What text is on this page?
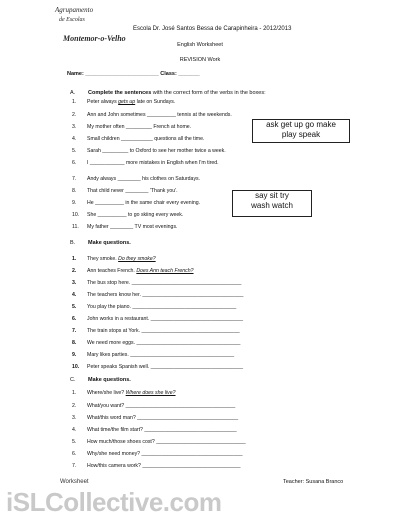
Agrupamento
de Escolas
Montemor-o-Velho
Escola Dr. José Santos Bessa de Carapinheira - 2012/2013
English Worksheet
REVISION Work
Name: ________________________ Class: _______
A. Complete the sentences with the correct form of the verbs in the boxes:
ask get up go make
play speak
say sit try
wash watch
1. Peter always gets up late on Sundays.
2. Ann and John sometimes __________ tennis at the weekends.
3. My mother often _________ French at home.
4. Small children ___________ questions all the time.
5. Sarah _________ to Oxford to see her mother twice a week.
6. I ____________ more mistakes in English when I'm tired.
7. Andy always ________ his clothes on Saturdays.
8. That child never ________ 'Thank you'.
9. He __________ in the same chair every evening.
10. She __________ to go skiing every week.
11. My father ________ TV most evenings.
B. Make questions.
1. They smoke. Do they smoke?
2. Ann teaches French. Does Ann teach French?
3. The bus stop here. ______________________________________
4. The teachers know her. ___________________________________
5. You play the piano. ____________________________________
6. John works in a restaurant. ________________________________
7. The train stops at York. __________________________________
8. We need more eggs. ____________________________________
9. Mary likes parties. ____________________________________
10. Peter speaks Spanish well. ________________________________
C. Make questions.
1. Where/she live? Where does she live?
2. What/you want? ______________________________________
3. What/this word man? ___________________________________
4. What time/the film start? ________________________________
5. How much/those shoes cost? _______________________________
6. Why/she need money? ___________________________________
7. How/this camera work? __________________________________
Worksheet	Teacher: Susana Branco
iSLCollective.com
